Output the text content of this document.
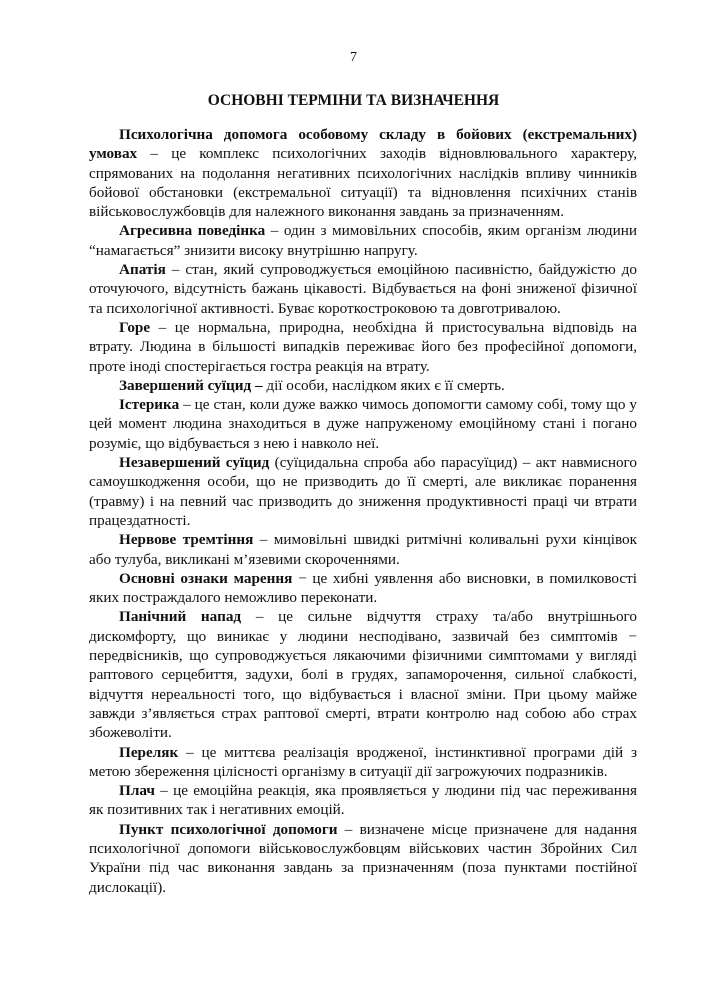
7
ОСНОВНІ ТЕРМІНИ ТА ВИЗНАЧЕННЯ

Психологічна допомога особовому складу в бойових (екстремальних) умовах – це комплекс психологічних заходів відновлювального характеру, спрямованих на подолання негативних психологічних наслідків впливу чинників бойової обстановки (екстремальної ситуації) та відновлення психічних станів військовослужбовців для належного виконання завдань за призначенням.

Агресивна поведінка – один з мимовільних способів, яким організм людини “намагається” знизити високу внутрішню напругу.

Апатія – стан, який супроводжується емоційною пасивністю, байдужістю до оточуючого, відсутність бажань цікавості. Відбувається на фоні зниженої фізичної та психологічної активності. Буває короткостроковою та довготривалою.

Горе – це нормальна, природна, необхідна й пристосувальна відповідь на втрату. Людина в більшості випадків переживає його без професійної допомоги, проте іноді спостерігається гостра реакція на втрату.

Завершений суїцид – дії особи, наслідком яких є її смерть.

Істерика – це стан, коли дуже важко чимось допомогти самому собі, тому що у цей момент людина знаходиться в дуже напруженому емоційному стані і погано розуміє, що відбувається з нею і навколо неї.

Незавершений суїцид (суїцидальна спроба або парасуїцид) – акт навмисного самоушкодження особи, що не призводить до її смерті, але викликає поранення (травму) і на певний час призводить до зниження продуктивності праці чи втрати працездатності.

Нервове тремтіння – мимовільні швидкі ритмічні коливальні рухи кінцівок або тулуба, викликані м’язевими скороченнями.

Основні ознаки марення − це хибні уявлення або висновки, в помилковості яких постраждалого неможливо переконати.

Панічний напад – це сильне відчуття страху та/або внутрішнього дискомфорту, що виникає у людини несподівано, зазвичай без симптомів − передвісників, що супроводжується лякаючими фізичними симптомами у вигляді раптового серцебиття, задухи, болі в грудях, запаморочення, сильної слабкості, відчуття нереальності того, що відбувається і власної зміни. При цьому майже завжди з’являється страх раптової смерті, втрати контролю над собою або страх збожеволіти.

Переляк – це миттєва реалізація вродженої, інстинктивної програми дій з метою збереження цілісності організму в ситуації дії загрожуючих подразників.

Плач – це емоційна реакція, яка проявляється у людини під час переживання як позитивних так і негативних емоцій.

Пункт психологічної допомоги – визначене місце призначене для надання психологічної допомоги військовослужбовцям військових частин Збройних Сил України під час виконання завдань за призначенням (поза пунктами постійної дислокації).
